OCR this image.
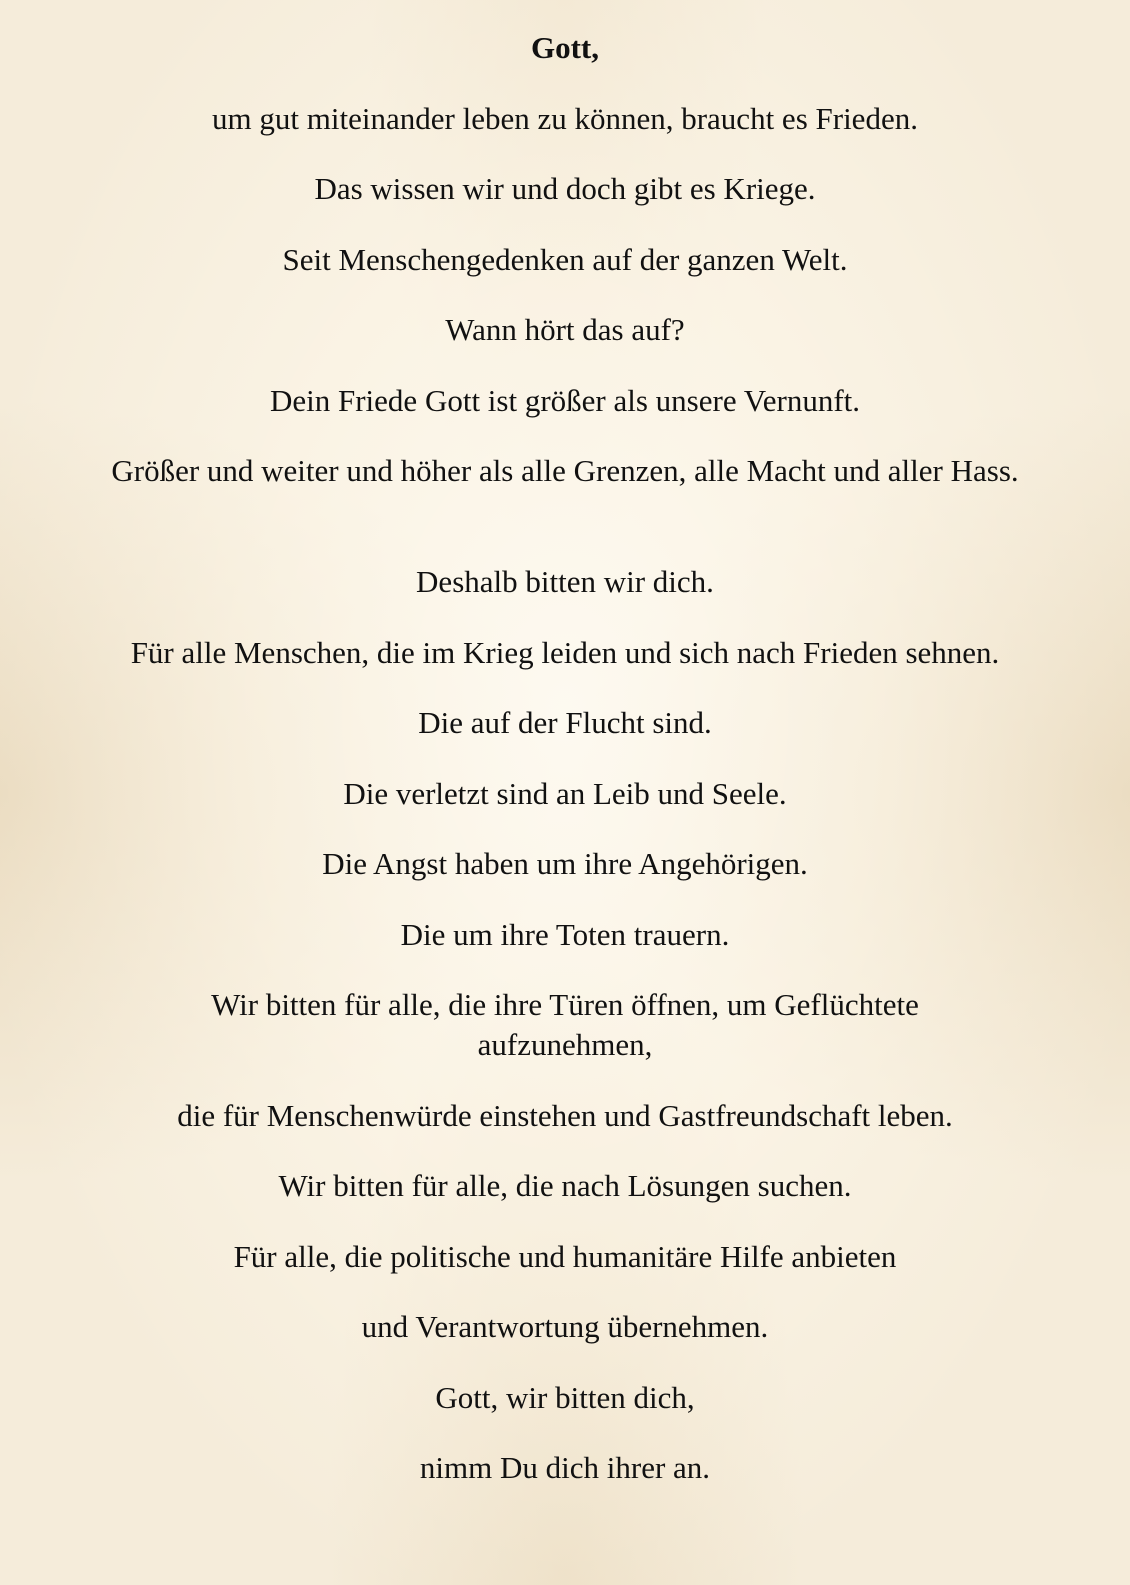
Gott,
um gut miteinander leben zu können, braucht es Frieden.
Das wissen wir und doch gibt es Kriege.
Seit Menschengedenken auf der ganzen Welt.
Wann hört das auf?
Dein Friede Gott ist größer als unsere Vernunft.
Größer und weiter und höher als alle Grenzen, alle Macht und aller Hass.
Deshalb bitten wir dich.
Für alle Menschen, die im Krieg leiden und sich nach Frieden sehnen.
Die auf der Flucht sind.
Die verletzt sind an Leib und Seele.
Die Angst haben um ihre Angehörigen.
Die um ihre Toten trauern.
Wir bitten für alle, die ihre Türen öffnen, um Geflüchtete aufzunehmen,
die für Menschenwürde einstehen und Gastfreundschaft leben.
Wir bitten für alle, die nach Lösungen suchen.
Für alle, die politische und humanitäre Hilfe anbieten
und Verantwortung übernehmen.
Gott, wir bitten dich,
nimm Du dich ihrer an.
